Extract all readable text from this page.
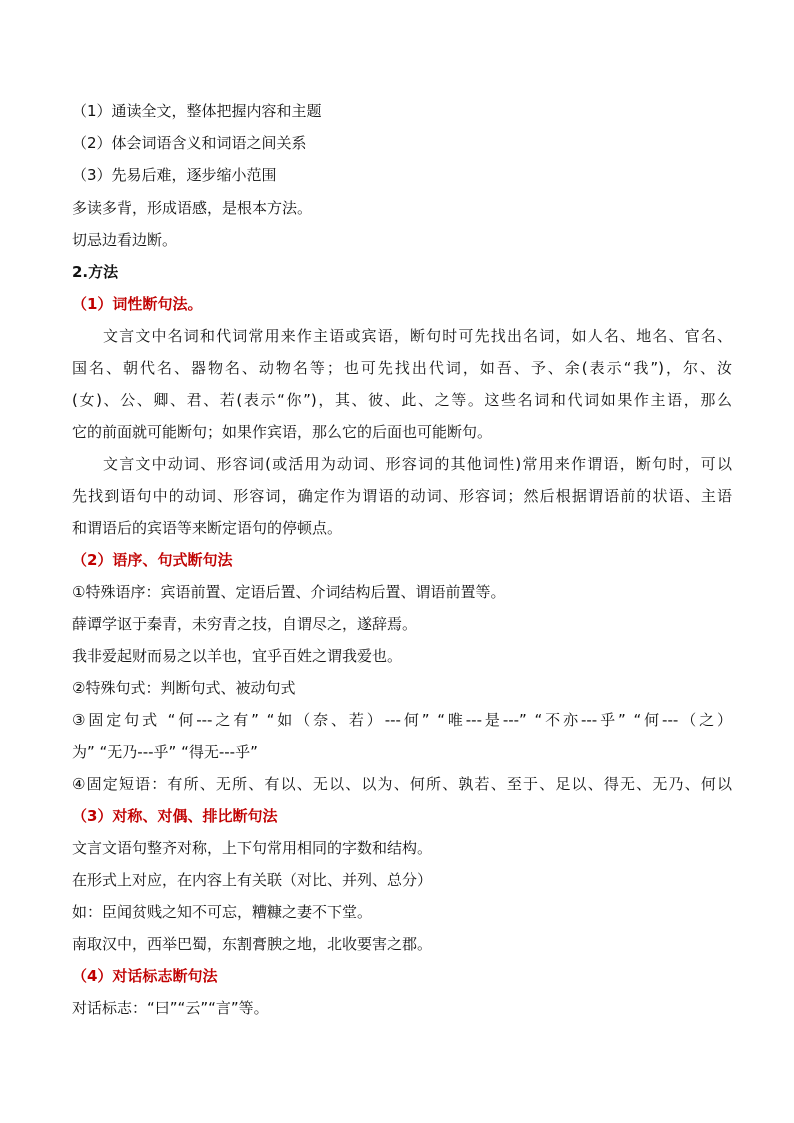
（1）通读全文，整体把握内容和主题
（2）体会词语含义和词语之间关系
（3）先易后难，逐步缩小范围
多读多背，形成语感，是根本方法。
切忌边看边断。
2.方法
（1）词性断句法。
文言文中名词和代词常用来作主语或宾语，断句时可先找出名词，如人名、地名、官名、
国名、朝代名、器物名、动物名等；也可先找出代词，如吾、予、余(表示“我”)，尔、汝
(女)、公、卿、君、若(表示“你”)，其、彼、此、之等。这些名词和代词如果作主语，那么
它的前面就可能断句；如果作宾语，那么它的后面也可能断句。
文言文中动词、形容词(或活用为动词、形容词的其他词性)常用来作谓语，断句时，可以
先找到语句中的动词、形容词，确定作为谓语的动词、形容词；然后根据谓语前的状语、主语
和谓语后的宾语等来断定语句的停顿点。
（2）语序、句式断句法
①特殊语序：宾语前置、定语后置、介词结构后置、谓语前置等。
薛谭学讴于秦青，未穷青之技，自谓尽之，遂辞焉。
我非爱起财而易之以羊也，宜乎百姓之谓我爱也。
②特殊句式：判断句式、被动句式
③固定句式 “何---之有” “如（奈、若）---何” “唯---是---” “不亦---乎” “何---（之）
为” “无乃---乎” “得无---乎”
④固定短语：有所、无所、有以、无以、以为、何所、孰若、至于、足以、得无、无乃、何以
（3）对称、对偶、排比断句法
文言文语句整齐对称，上下句常用相同的字数和结构。
在形式上对应，在内容上有关联（对比、并列、总分）
如：臣闻贫贱之知不可忘，糟糠之妻不下堂。
南取汉中，西举巴蜀，东割膏腴之地，北收要害之郡。
（4）对话标志断句法
对话标志：“曰”“云”“言”等。
